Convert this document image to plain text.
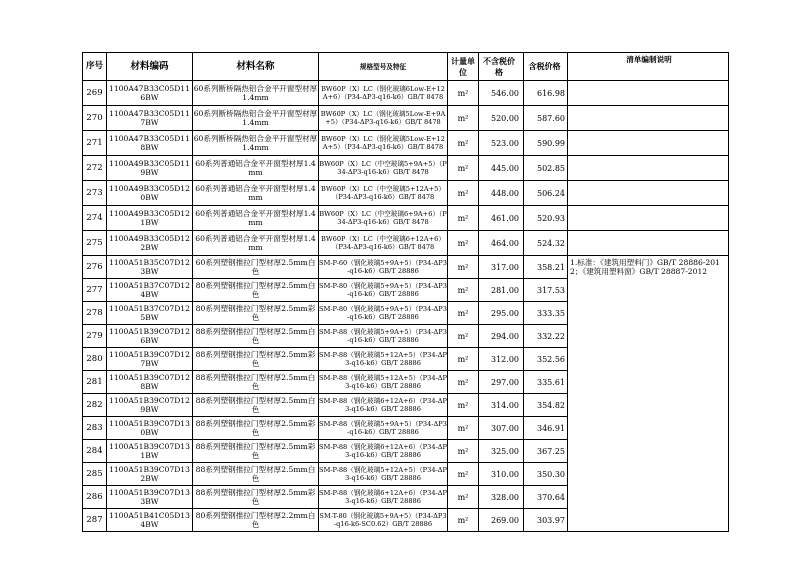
序号	材料编码	材料名称	规格型号及特征	计量单位	不含税价 格	含税价格	清单编制说明

269	1100A47B33C05D116BW	60系列断桥隔热铝合金平开窗型材厚1.4mm	BW60P（X）LC（钢化玻璃6Low-E+12A+6）（P34-ΔP3-q16-k6）GB/T 8478	m²	546.00	616.98	

270	1100A47B33C05D117BW	60系列断桥隔热铝合金平开窗型材厚1.4mm	BW60P（X）LC（钢化玻璃5Low-E+9A+5）（P34-ΔP3-q16-k6）GB/T 8478	m²	520.00	587.60	

271	1100A47B33C05D118BW	60系列断桥隔热铝合金平开窗型材厚1.4mm	BW60P（X）LC（钢化玻璃5Low-E+12A+5）（P34-ΔP3-q16-k6）GB/T 8478	m²	523.00	590.99	

272	1100A49B33C05D119BW	60系列普通铝合金平开窗型材厚1.4mm	BW60P（X）LC（中空玻璃5+9A+5）（P34-ΔP3-q16-k6）GB/T 8478	m²	445.00	502.85	

273	1100A49B33C05D120BW	60系列普通铝合金平开窗型材厚1.4mm	BW60P（X）LC（中空玻璃5+12A+5）（P34-ΔP3-q16-k6）GB/T 8478	m²	448.00	506.24	

274	1100A49B33C05D121BW	60系列普通铝合金平开窗型材厚1.4mm	BW60P（X）LC（中空玻璃6+9A+6）（P34-ΔP3-q16-k6）GB/T 8478	m²	461.00	520.93	

275	1100A49B33C05D122BW	60系列普通铝合金平开窗型材厚1.4mm	BW60P（X）LC（中空玻璃6+12A+6）（P34-ΔP3-q16-k6）GB/T 8478	m²	464.00	524.32	

276	1100A51B35C07D123BW	60系列塑钢推拉门型材厚2.5mm白色	SM-P-60（钢化玻璃5+9A+5）（P34-ΔP3-q16-k6）GB/T 28886	m²	317.00	358.21	1.标准：《建筑用塑料门》GB/T 28886-2012；《建筑用塑料窗》GB/T 28887-2012

277	1100A51B37C07D124BW	80系列塑钢推拉门型材厚2.5mm白色	SM-P-80（钢化玻璃5+9A+5）（P34-ΔP3-q16-k6）GB/T 28886	m²	281.00	317.53	

278	1100A51B37C07D125BW	80系列塑钢推拉门型材厚2.5mm彩色	SM-P-80（钢化玻璃5+9A+5）（P34-ΔP3-q16-k6）GB/T 28886	m²	295.00	333.35	

279	1100A51B39C07D126BW	88系列塑钢推拉门型材厚2.5mm白色	SM-P-88（钢化玻璃5+9A+5）（P34-ΔP3-q16-k6）GB/T 28886	m²	294.00	332.22	

280	1100A51B39C07D127BW	88系列塑钢推拉门型材厚2.5mm彩色	SM-P-88（钢化玻璃5+12A+5）（P34-ΔP3-q16-k6）GB/T 28886	m²	312.00	352.56	

281	1100A51B39C07D128BW	88系列塑钢推拉门型材厚2.5mm白色	SM-P-88（钢化玻璃5+12A+5）（P34-ΔP3-q16-k6）GB/T 28886	m²	297.00	335.61	

282	1100A51B39C07D129BW	88系列塑钢推拉门型材厚2.5mm白色	SM-P-88（钢化玻璃6+12A+6）（P34-ΔP3-q16-k6）GB/T 28886	m²	314.00	354.82	

283	1100A51B39C07D130BW	88系列塑钢推拉门型材厚2.5mm彩色	SM-P-88（钢化玻璃5+9A+5）（P34-ΔP3-q16-k6）GB/T 28886	m²	307.00	346.91	

284	1100A51B39C07D131BW	88系列塑钢推拉门型材厚2.5mm彩色	SM-P-88（钢化玻璃6+12A+6）（P34-ΔP3-q16-k6）GB/T 28886	m²	325.00	367.25	

285	1100A51B39C07D132BW	88系列塑钢推拉门型材厚2.5mm白色	SM-P-88（钢化玻璃5+12A+5）（P34-ΔP3-q16-k6）GB/T 28886	m²	310.00	350.30	

286	1100A51B39C07D133BW	88系列塑钢推拉门型材厚2.5mm彩色	SM-P-88（钢化玻璃6+12A+6）（P34-ΔP3-q16-k6）GB/T 28886	m²	328.00	370.64	

287	1100A51B41C05D134BW	80系列塑钢推拉门型材厚2.2mm白色	SM-T-80（钢化玻璃5+9A+5）（P34-ΔP3-q16-k6-SC0.62）GB/T 28886	m²	269.00	303.97	
